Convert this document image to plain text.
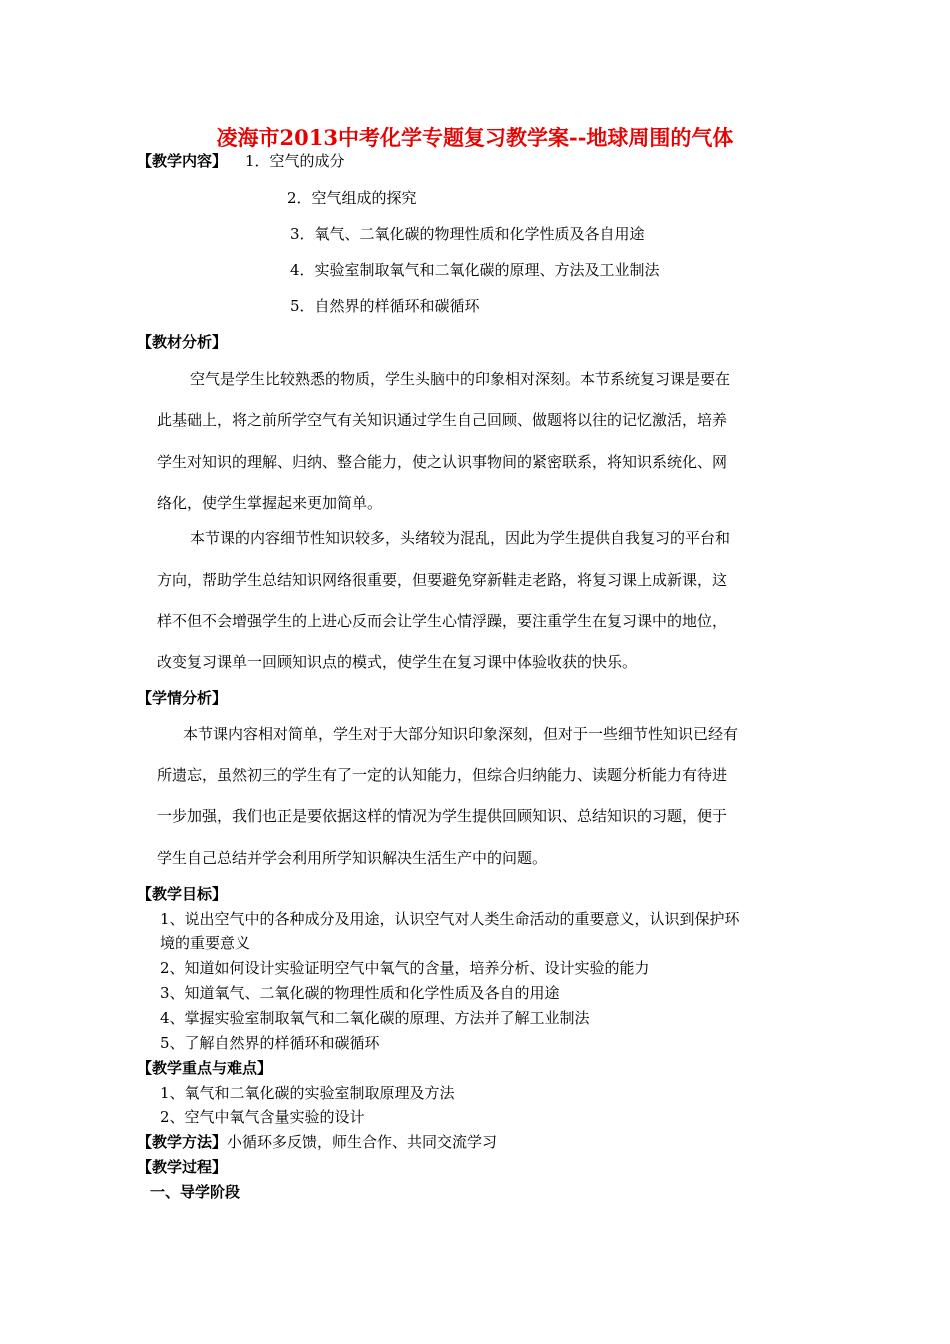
凌海市2013中考化学专题复习教学案--地球周围的气体
【教学内容】 1．空气的成分
2．空气组成的探究
3．氧气、二氧化碳的物理性质和化学性质及各自用途
4．实验室制取氧气和二氧化碳的原理、方法及工业制法
5．自然界的样循环和碳循环
【教材分析】
空气是学生比较熟悉的物质，学生头脑中的印象相对深刻。本节系统复习课是要在
此基础上，将之前所学空气有关知识通过学生自己回顾、做题将以往的记忆激活，培养
学生对知识的理解、归纳、整合能力，使之认识事物间的紧密联系，将知识系统化、网
络化，使学生掌握起来更加简单。
本节课的内容细节性知识较多，头绪较为混乱，因此为学生提供自我复习的平台和
方向，帮助学生总结知识网络很重要，但要避免穿新鞋走老路，将复习课上成新课，这
样不但不会增强学生的上进心反而会让学生心情浮躁，要注重学生在复习课中的地位，
改变复习课单一回顾知识点的模式，使学生在复习课中体验收获的快乐。
【学情分析】
本节课内容相对简单，学生对于大部分知识印象深刻，但对于一些细节性知识已经有
所遗忘，虽然初三的学生有了一定的认知能力，但综合归纳能力、读题分析能力有待进
一步加强，我们也正是要依据这样的情况为学生提供回顾知识、总结知识的习题，便于
学生自己总结并学会利用所学知识解决生活生产中的问题。
【教学目标】
1、说出空气中的各种成分及用途，认识空气对人类生命活动的重要意义，认识到保护环
境的重要意义
2、知道如何设计实验证明空气中氧气的含量，培养分析、设计实验的能力
3、知道氧气、二氧化碳的物理性质和化学性质及各自的用途
4、掌握实验室制取氧气和二氧化碳的原理、方法并了解工业制法
5、了解自然界的样循环和碳循环
【教学重点与难点】
1、氧气和二氧化碳的实验室制取原理及方法
2、空气中氧气含量实验的设计
【教学方法】小循环多反馈，师生合作、共同交流学习
【教学过程】
一、导学阶段
